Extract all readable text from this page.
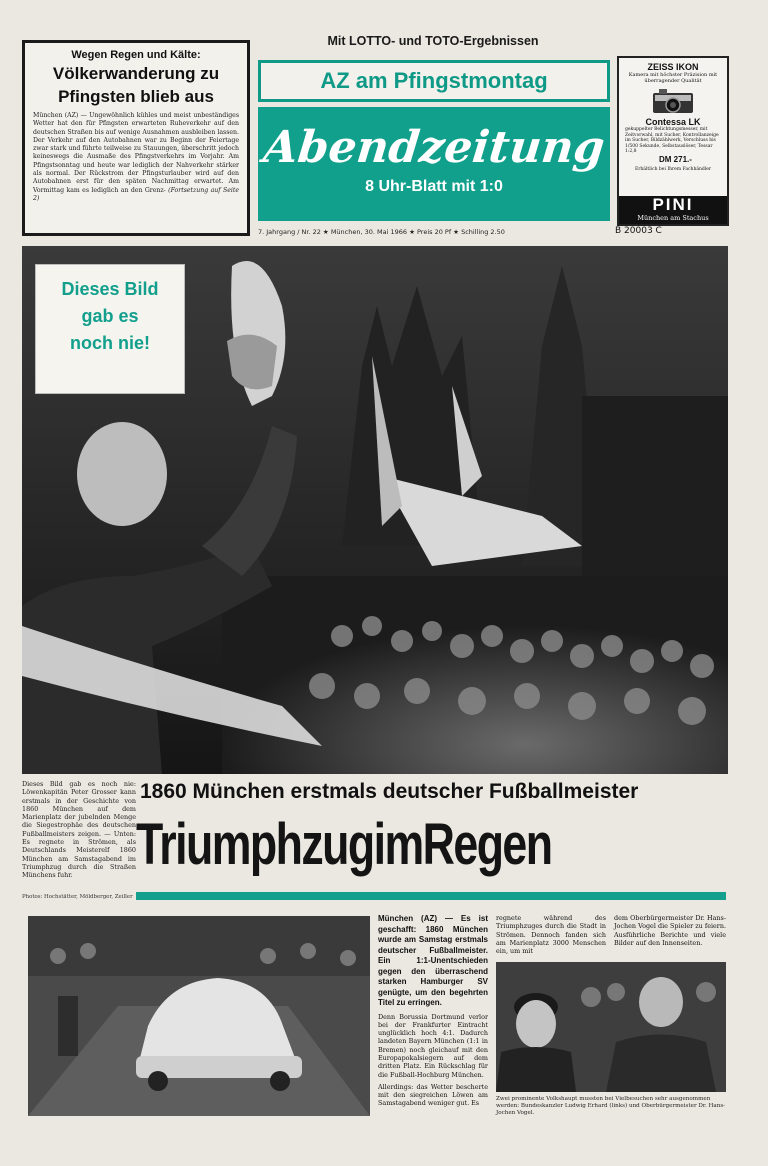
Wegen Regen und Kälte:
Völkerwanderung zu
Pfingsten blieb aus
München (AZ) — Ungewöhnlich kühles und meist unbeständiges Wetter hat den für Pfingsten erwarteten Ruheverkehr auf den deutschen Straßen bis auf wenige Ausnahmen ausbleiben lassen. Der Verkehr auf den Autobahnen war zu Beginn der Feiertage zwar stark und führte teilweise zu Stauungen, überschritt jedoch keineswegs die Ausmaße des Pfingstverkehrs im Vorjahr. Am Pfingstsonntag und heute war lediglich der Nahverkehr stärker als normal. Der Rückstrom der Pfingsturlauber wird auf den Autobahnen erst für den späten Nachmittag erwartet. Am Vormittag kam es lediglich an den Grenz- (Fortsetzung auf Seite 2)
Mit LOTTO- und TOTO-Ergebnissen
AZ am Pfingstmontag
Abendzeitung
8 Uhr-Blatt mit 1:0
7. Jahrgang / Nr. 22 ★ München, 30. Mai 1966 ★ Preis 20 Pf ★ Schilling 2.50	B 20003 C
ZEISS IKON
Kamera mit höchster Präzision mit überragender Qualität
Contessa LK
gekuppelter Belichtungsmesser, mit Zeitvorwahl, mit Sucher, Kontrollanzeige im Sucher, Bildzählwerk, Verschluss bis 1/500 Sekunde, Selbstauslöser, Tessar 1:2,8
DM 271.-
Erhältlich bei Ihrem Fachhändler
PINI
München am Stachus
Dieses Bild
gab es
noch nie!
Dieses Bild gab es noch nie: Löwenkapitän Peter Grosser kann erstmals in der Geschichte von 1860 München auf dem Marienplatz der jubelnden Menge die Siegestrophäe des deutschen Fußballmeisters zeigen. — Unten: Es regnete in Strömen, als Deutschlands Meisterelf 1860 München am Samstagabend im Triumphzug durch die Straßen Münchens fuhr.
Photos: Hochstätter, Möldberger, Zeiller
1860 München erstmals deutscher Fußballmeister
TriumphzugimRegen
München (AZ) — Es ist geschafft: 1860 München wurde am Samstag erstmals deutscher Fußballmeister. Ein 1:1-Unentschieden gegen den überraschend starken Hamburger SV genügte, um den begehrten Titel zu erringen.

Denn Borussia Dortmund verlor bei der Frankfurter Eintracht unglücklich hoch 4:1. Dadurch landeten Bayern München (1:1 in Bremen) noch gleichauf mit den Europapokalsiegern auf dem dritten Platz. Ein Rückschlag für die Fußball-Hochburg München.

Allerdings: das Wetter bescherte mit den siegreichen Löwen am Samstagabend weniger gut. Es

regnete während des Triumphzuges durch die Stadt in Strömen. Dennoch fanden sich am Marienplatz 3000 Menschen ein, um mit
dem Oberbürgermeister Dr. Hans-Jochen Vogel die Spieler zu feiern. Ausführliche Berichte und viele Bilder auf den Innenseiten.
Zwei prominente Volkshaupt mussten bei Vielbesuchen sehr ausgenommen werden: Bundeskanzler Ludwig Erhard (links) und Oberbürgermeister Dr. Hans-Jochen Vogel.
